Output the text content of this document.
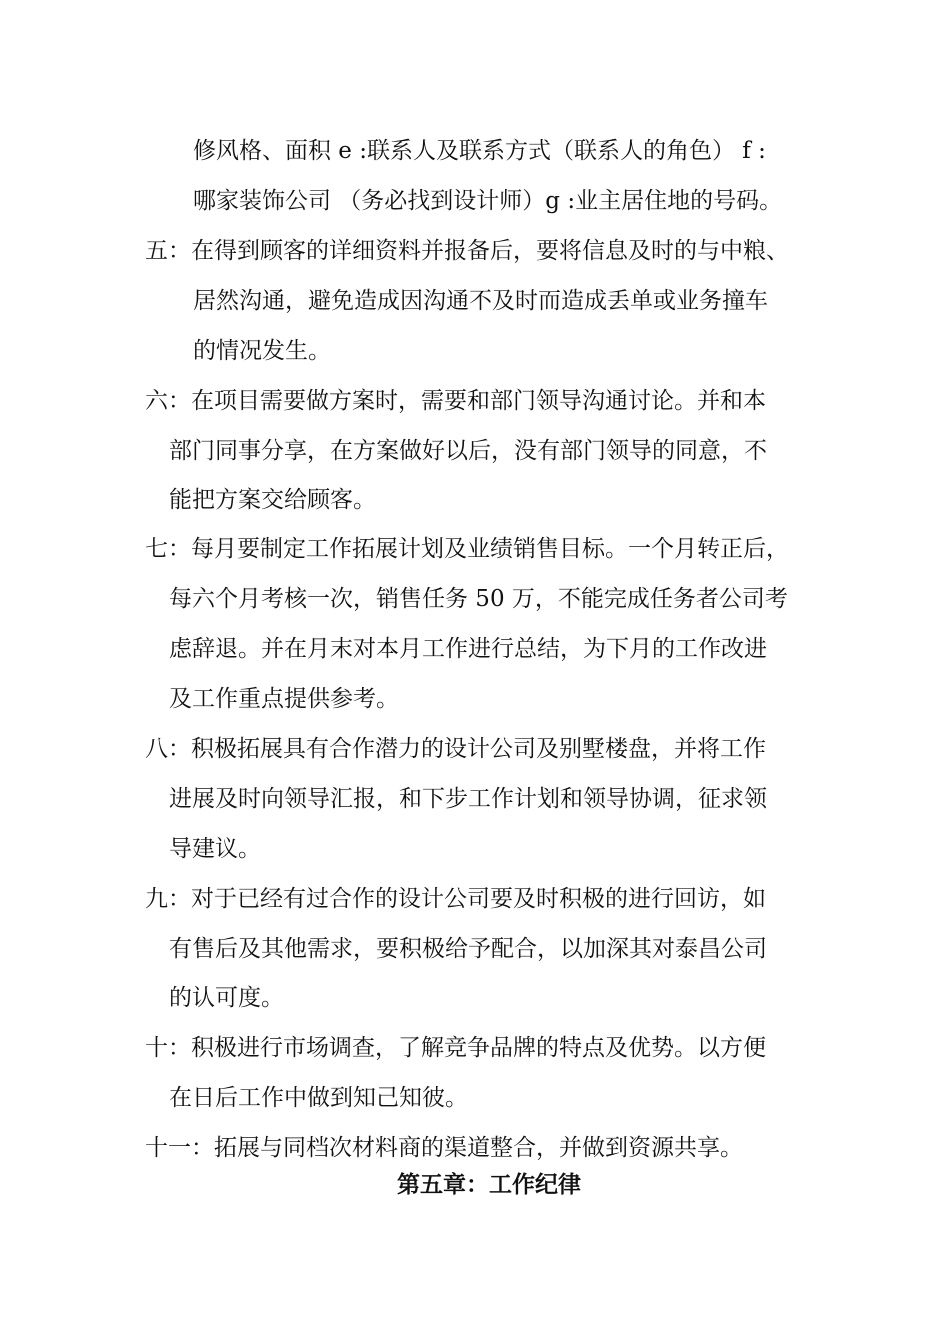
修风格、面积 e :联系人及联系方式（联系人的角色） f :
哪家装饰公司 （务必找到设计师）g :业主居住地的号码。
五：在得到顾客的详细资料并报备后，要将信息及时的与中粮、
居然沟通，避免造成因沟通不及时而造成丢单或业务撞车
的情况发生。
六：在项目需要做方案时，需要和部门领导沟通讨论。并和本
部门同事分享，在方案做好以后，没有部门领导的同意，不
能把方案交给顾客。
七：每月要制定工作拓展计划及业绩销售目标。一个月转正后，
每六个月考核一次，销售任务 50 万，不能完成任务者公司考
虑辞退。并在月末对本月工作进行总结，为下月的工作改进
及工作重点提供参考。
八：积极拓展具有合作潜力的设计公司及别墅楼盘，并将工作
进展及时向领导汇报，和下步工作计划和领导协调，征求领
导建议。
九：对于已经有过合作的设计公司要及时积极的进行回访，如
有售后及其他需求，要积极给予配合，以加深其对泰昌公司
的认可度。
十：积极进行市场调查，了解竞争品牌的特点及优势。以方便
在日后工作中做到知己知彼。
十一：拓展与同档次材料商的渠道整合，并做到资源共享。
第五章：工作纪律
